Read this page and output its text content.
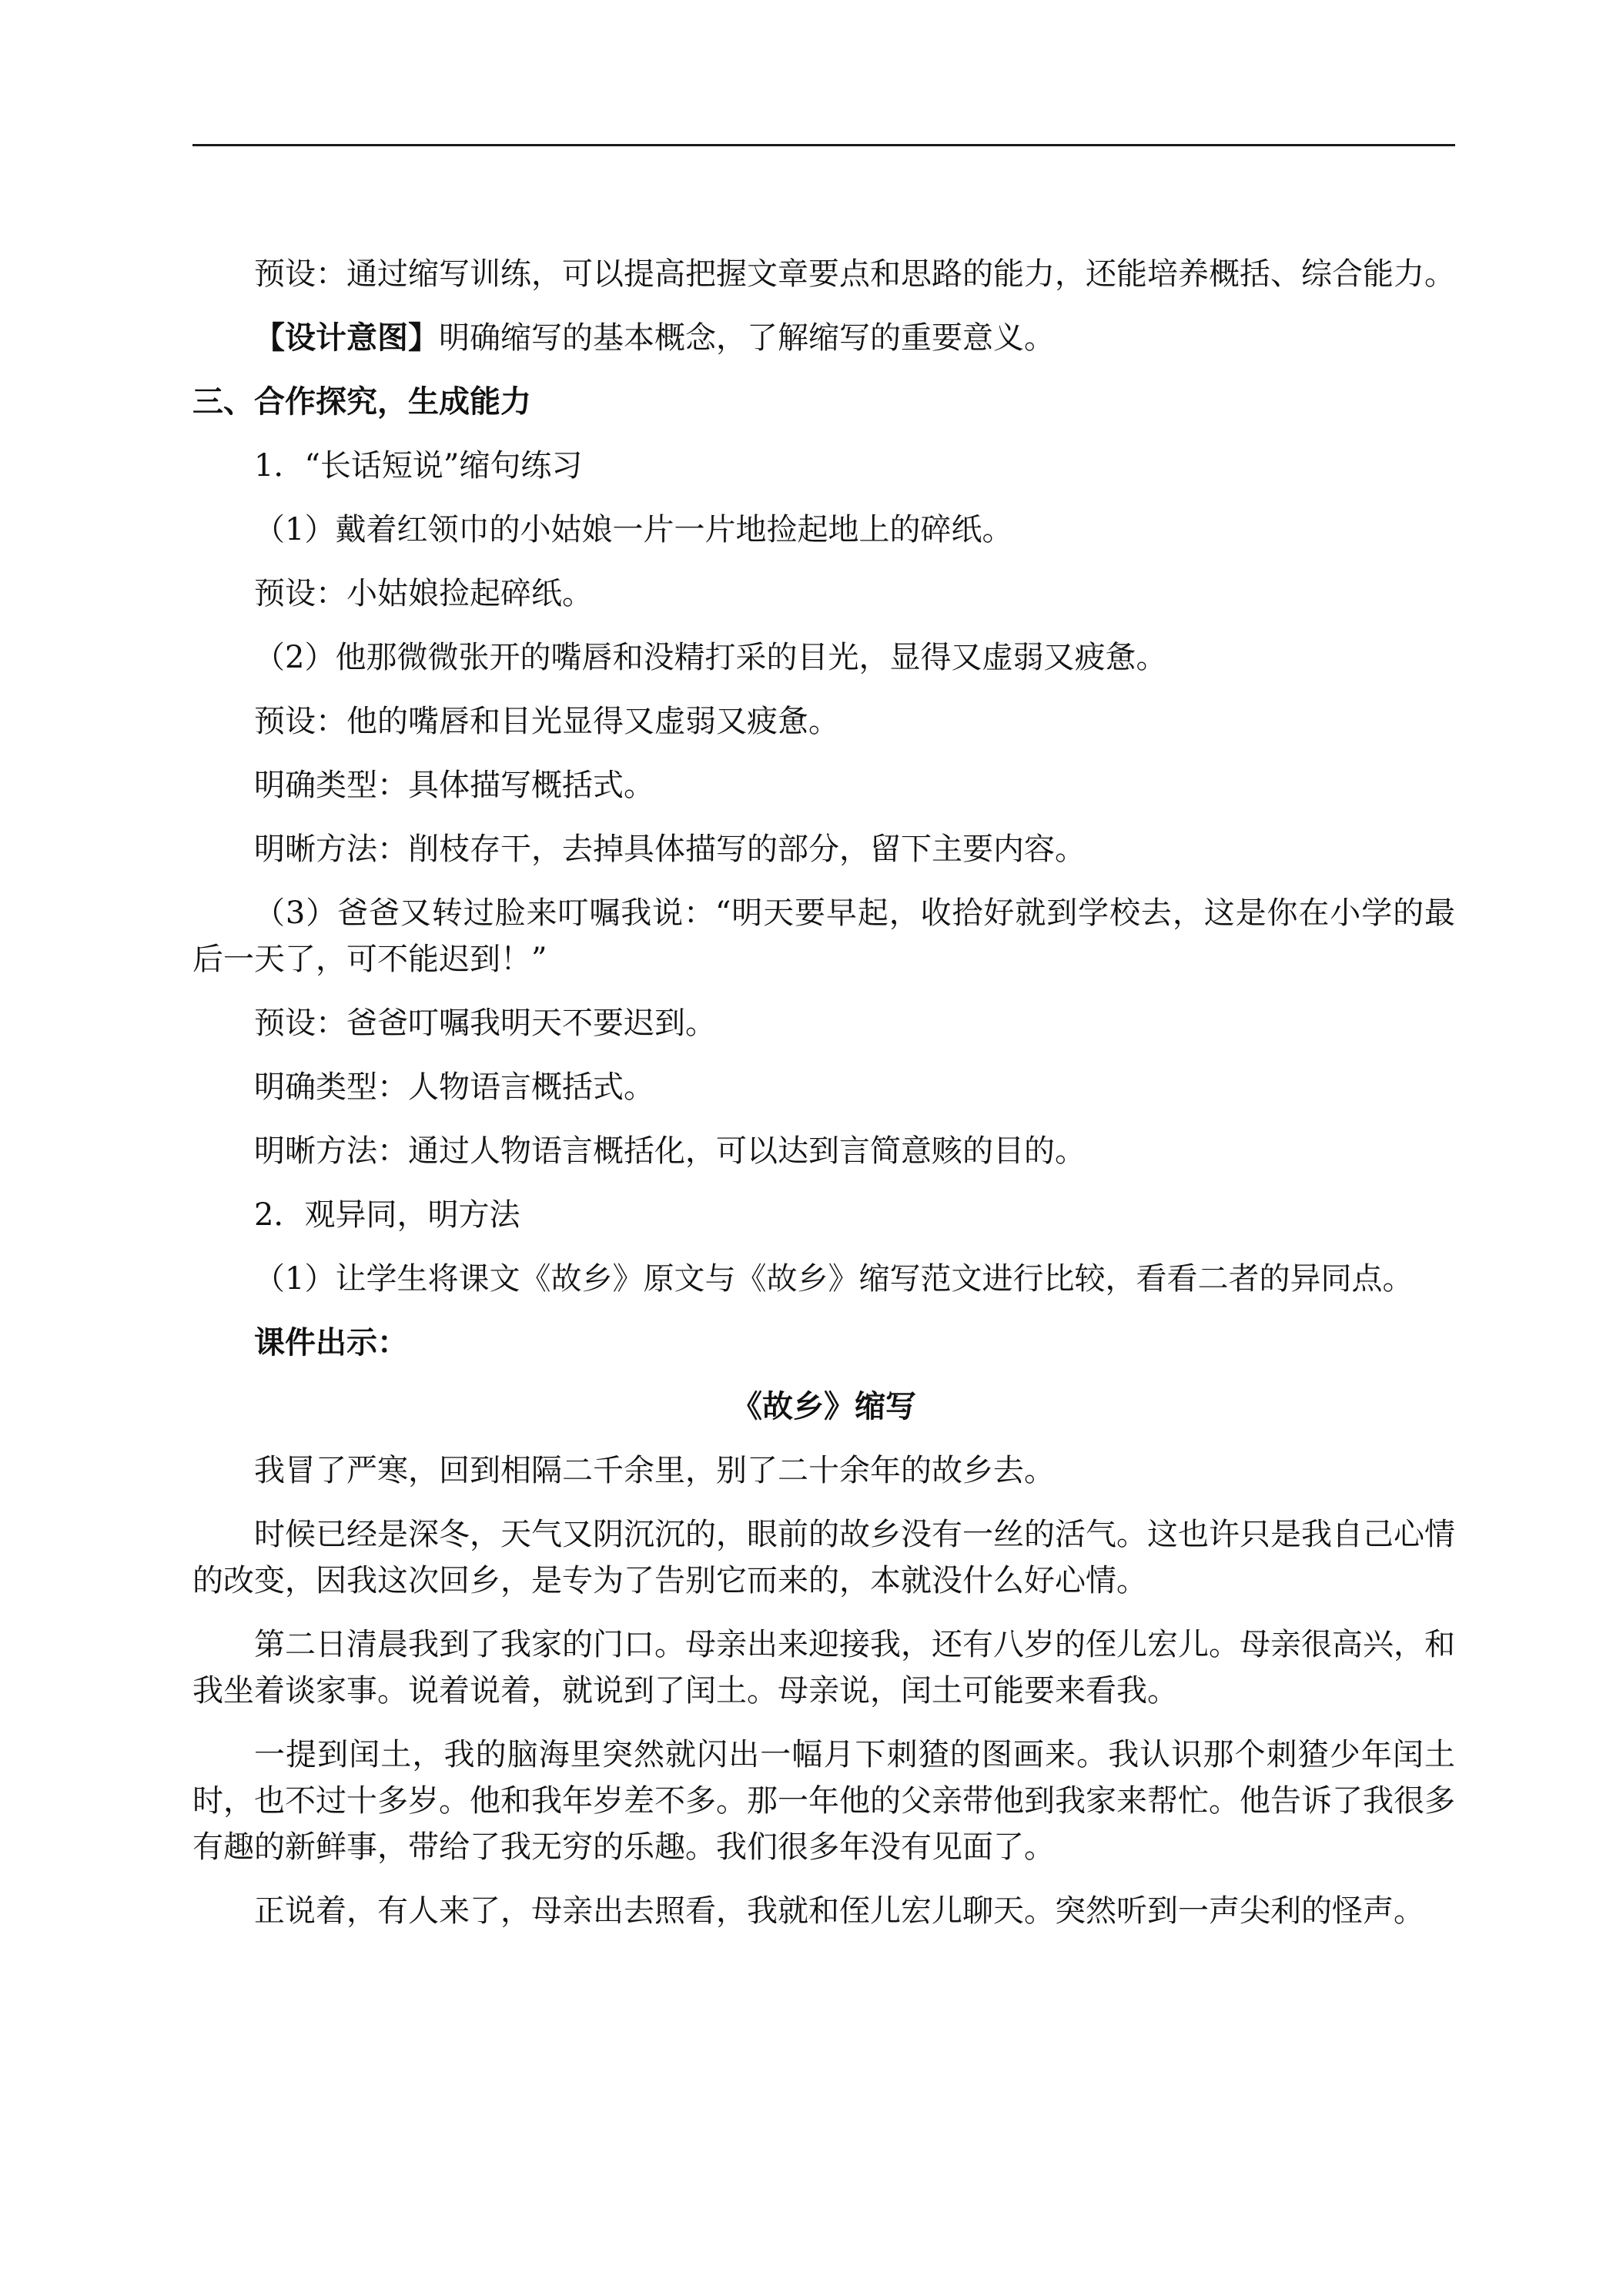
预设：通过缩写训练，可以提高把握文章要点和思路的能力，还能培养概括、综合能力。

【设计意图】明确缩写的基本概念，了解缩写的重要意义。

三、合作探究，生成能力

1．“长话短说”缩句练习

（1）戴着红领巾的小姑娘一片一片地捡起地上的碎纸。

预设：小姑娘捡起碎纸。

（2）他那微微张开的嘴唇和没精打采的目光，显得又虚弱又疲惫。

预设：他的嘴唇和目光显得又虚弱又疲惫。

明确类型：具体描写概括式。

明晰方法：削枝存干，去掉具体描写的部分，留下主要内容。

（3）爸爸又转过脸来叮嘱我说：“明天要早起，收拾好就到学校去，这是你在小学的最后一天了，可不能迟到！”

预设：爸爸叮嘱我明天不要迟到。

明确类型：人物语言概括式。

明晰方法：通过人物语言概括化，可以达到言简意赅的目的。

2．观异同，明方法

（1）让学生将课文《故乡》原文与《故乡》缩写范文进行比较，看看二者的异同点。

课件出示：

《故乡》缩写

我冒了严寒，回到相隔二千余里，别了二十余年的故乡去。

时候已经是深冬，天气又阴沉沉的，眼前的故乡没有一丝的活气。这也许只是我自己心情的改变，因我这次回乡，是专为了告别它而来的，本就没什么好心情。

第二日清晨我到了我家的门口。母亲出来迎接我，还有八岁的侄儿宏儿。母亲很高兴，和我坐着谈家事。说着说着，就说到了闰土。母亲说，闰土可能要来看我。

一提到闰土，我的脑海里突然就闪出一幅月下刺猹的图画来。我认识那个刺猹少年闰土时，也不过十多岁。他和我年岁差不多。那一年他的父亲带他到我家来帮忙。他告诉了我很多有趣的新鲜事，带给了我无穷的乐趣。我们很多年没有见面了。

正说着，有人来了，母亲出去照看，我就和侄儿宏儿聊天。突然听到一声尖利的怪声。
